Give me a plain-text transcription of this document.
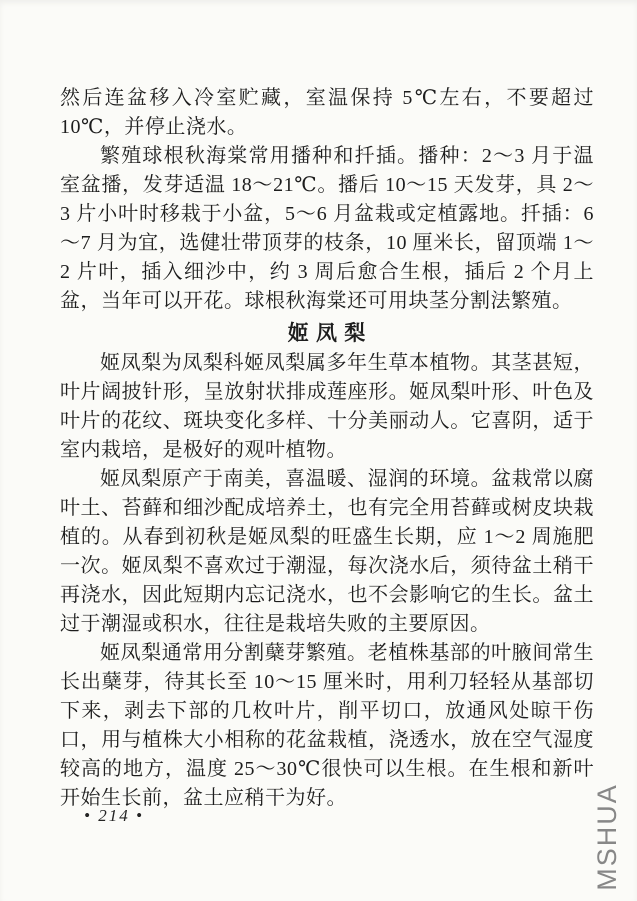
然后连盆移入冷室贮藏，室温保持 5℃左右，不要超过 10℃，并停止浇水。

繁殖球根秋海棠常用播种和扦插。播种：2～3 月于温室盆播，发芽适温 18～21℃。播后 10～15 天发芽，具 2～3 片小叶时移栽于小盆，5～6 月盆栽或定植露地。扦插：6～7 月为宜，选健壮带顶芽的枝条，10 厘米长，留顶端 1～2 片叶，插入细沙中，约 3 周后愈合生根，插后 2 个月上盆，当年可以开花。球根秋海棠还可用块茎分割法繁殖。

姬 凤 梨

姬凤梨为凤梨科姬凤梨属多年生草本植物。其茎甚短，叶片阔披针形，呈放射状排成莲座形。姬凤梨叶形、叶色及叶片的花纹、斑块变化多样、十分美丽动人。它喜阴，适于室内栽培，是极好的观叶植物。

姬凤梨原产于南美，喜温暖、湿润的环境。盆栽常以腐叶土、苔藓和细沙配成培养土，也有完全用苔藓或树皮块栽植的。从春到初秋是姬凤梨的旺盛生长期，应 1～2 周施肥一次。姬凤梨不喜欢过于潮湿，每次浇水后，须待盆土稍干再浇水，因此短期内忘记浇水，也不会影响它的生长。盆土过于潮湿或积水，往往是栽培失败的主要原因。

姬凤梨通常用分割蘖芽繁殖。老植株基部的叶腋间常生长出蘖芽，待其长至 10～15 厘米时，用利刀轻轻从基部切下来，剥去下部的几枚叶片，削平切口，放通风处晾干伤口，用与植株大小相称的花盆栽植，浇透水，放在空气湿度较高的地方，温度 25～30℃很快可以生根。在生根和新叶开始生长前，盆土应稍干为好。

• 214 •	MSHUA
